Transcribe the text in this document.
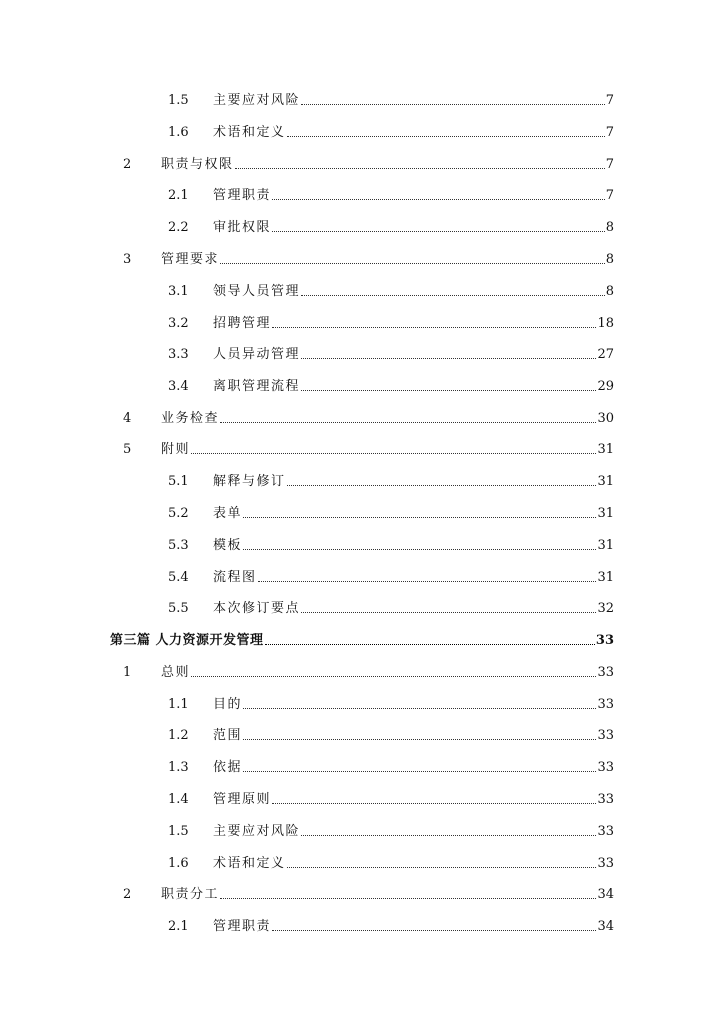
1.5	主要应对风险	7
1.6	术语和定义	7
2	职责与权限	7
2.1	管理职责	7
2.2	审批权限	8
3	管理要求	8
3.1	领导人员管理	8
3.2	招聘管理	18
3.3	人员异动管理	27
3.4	离职管理流程	29
4	业务检查	30
5	附则	31
5.1	解释与修订	31
5.2	表单	31
5.3	模板	31
5.4	流程图	31
5.5	本次修订要点	32
第三篇 人力资源开发管理	33
1	总则	33
1.1	目的	33
1.2	范围	33
1.3	依据	33
1.4	管理原则	33
1.5	主要应对风险	33
1.6	术语和定义	33
2	职责分工	34
2.1	管理职责	34
